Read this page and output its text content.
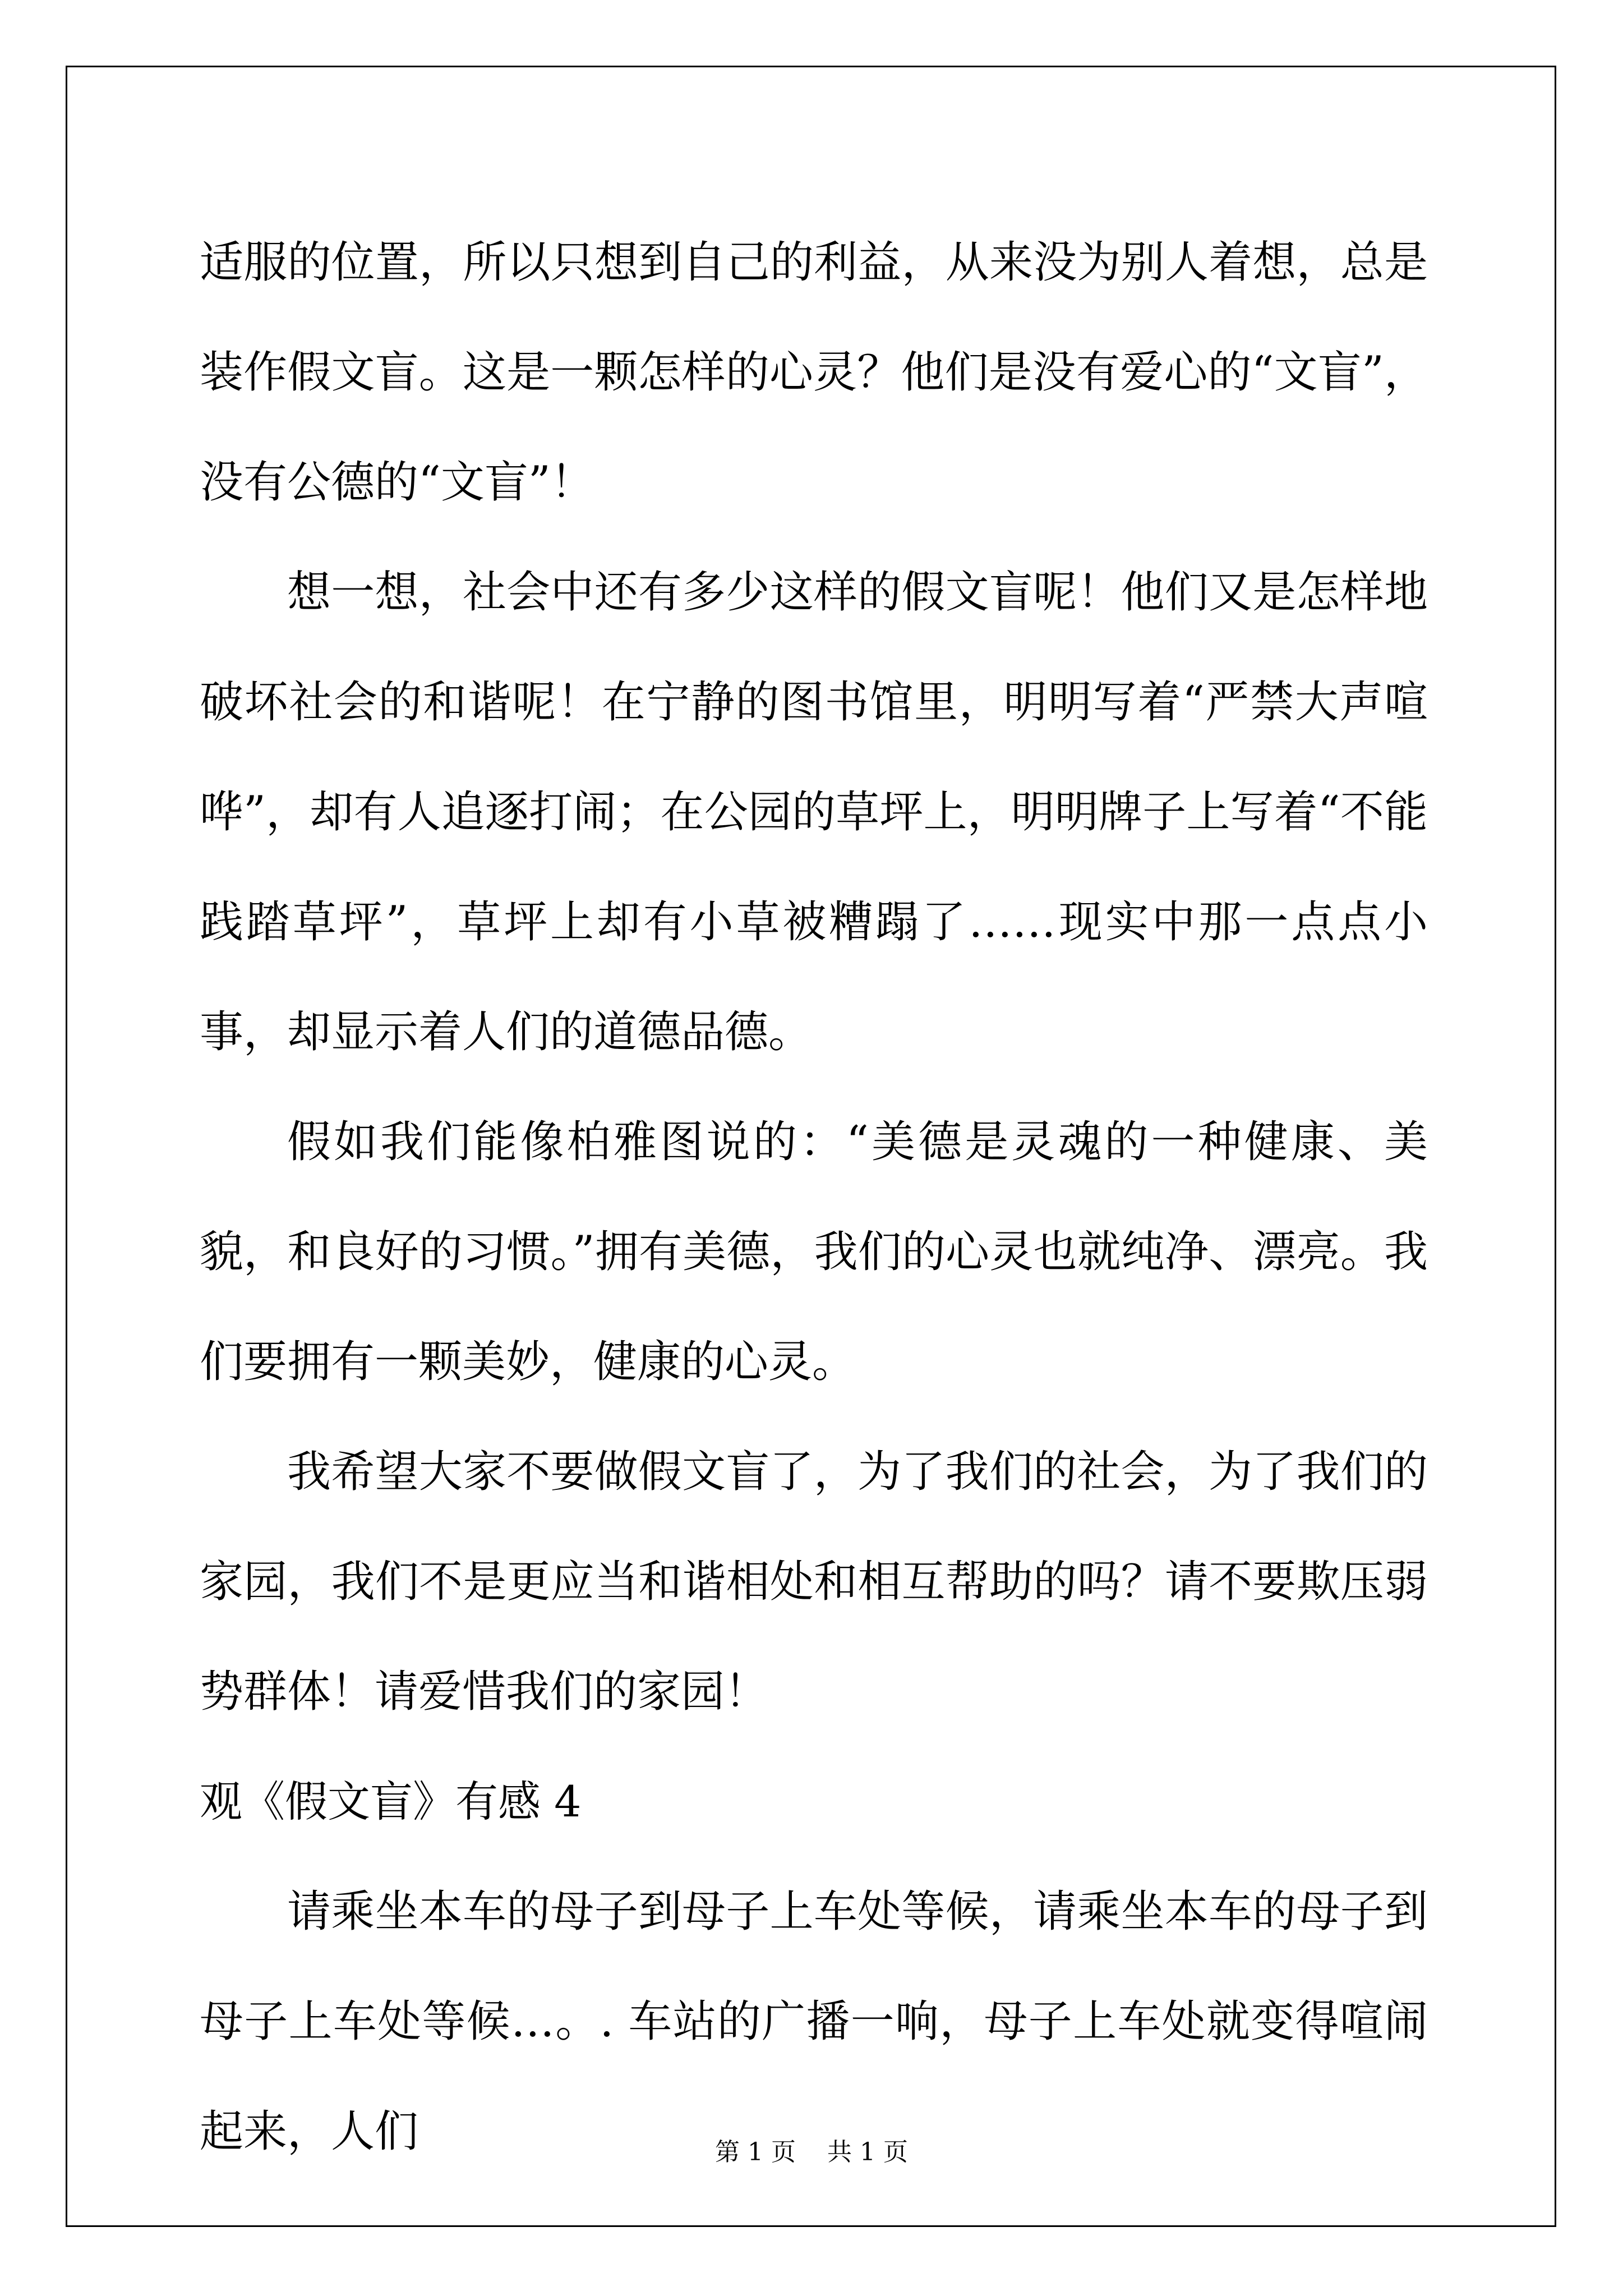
适服的位置，所以只想到自己的利益，从来没为别人着想，总是装作假文盲。这是一颗怎样的心灵？他们是没有爱心的“文盲”，没有公德的“文盲”！

想一想，社会中还有多少这样的假文盲呢！他们又是怎样地破坏社会的和谐呢！在宁静的图书馆里，明明写着“严禁大声喧哗”，却有人追逐打闹；在公园的草坪上，明明牌子上写着“不能践踏草坪”，草坪上却有小草被糟蹋了……现实中那一点点小事，却显示着人们的道德品德。

假如我们能像柏雅图说的：“美德是灵魂的一种健康、美貌，和良好的习惯。”拥有美德，我们的心灵也就纯净、漂亮。我们要拥有一颗美妙，健康的心灵。

我希望大家不要做假文盲了，为了我们的社会，为了我们的家园，我们不是更应当和谐相处和相互帮助的吗？请不要欺压弱势群体！请爱惜我们的家园！

观《假文盲》有感 4

请乘坐本车的母子到母子上车处等候，请乘坐本车的母子到母子上车处等候…。. 车站的广播一响，母子上车处就变得喧闹起来，人们	第 1 页 共 1 页
